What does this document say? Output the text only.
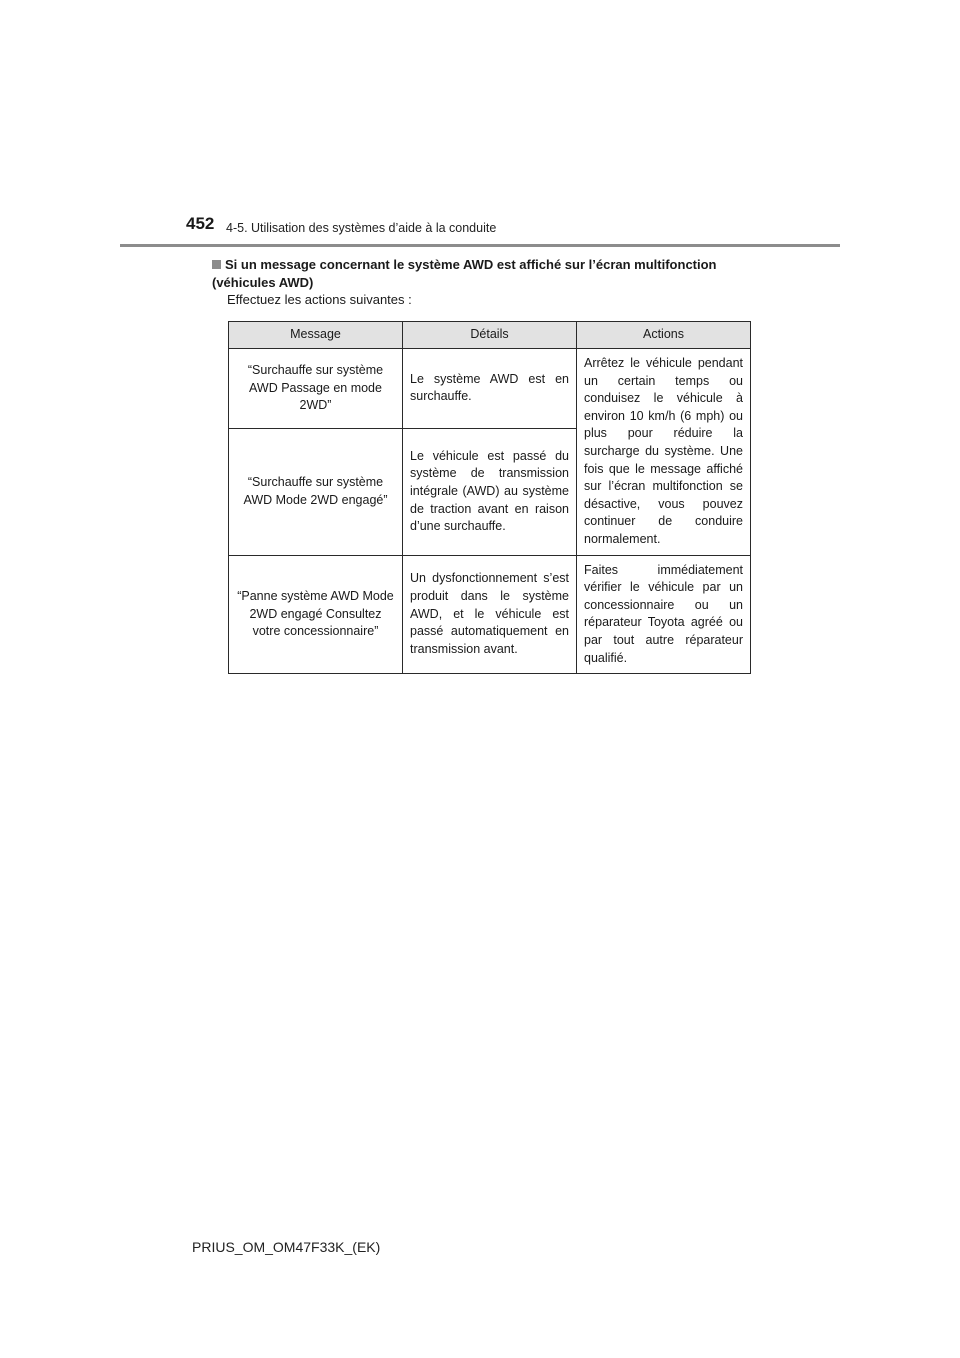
452 4-5. Utilisation des systèmes d’aide à la conduite
Si un message concernant le système AWD est affiché sur l’écran multifonction
(véhicules AWD)
Effectuez les actions suivantes :
Message	Détails	Actions
“Surchauffe sur système AWD Passage en mode 2WD”	Le système AWD est en surchauffe.	Arrêtez le véhicule pendant un certain temps ou conduisez le véhicule à environ 10 km/h (6 mph) ou plus pour réduire la surcharge du système. Une fois que le message affiché sur l’écran multifonction se désactive, vous pouvez continuer de conduire normalement.
“Surchauffe sur système AWD Mode 2WD engagé”	Le véhicule est passé du système de transmission intégrale (AWD) au système de traction avant en raison d’une surchauffe.	
“Panne système AWD Mode 2WD engagé Consultez votre concessionnaire”	Un dysfonctionnement s’est produit dans le système AWD, et le véhicule est passé automatiquement en transmission avant.	Faites immédiatement vérifier le véhicule par un concessionnaire ou un réparateur Toyota agréé ou par tout autre réparateur qualifié.
PRIUS_OM_OM47F33K_(EK)
